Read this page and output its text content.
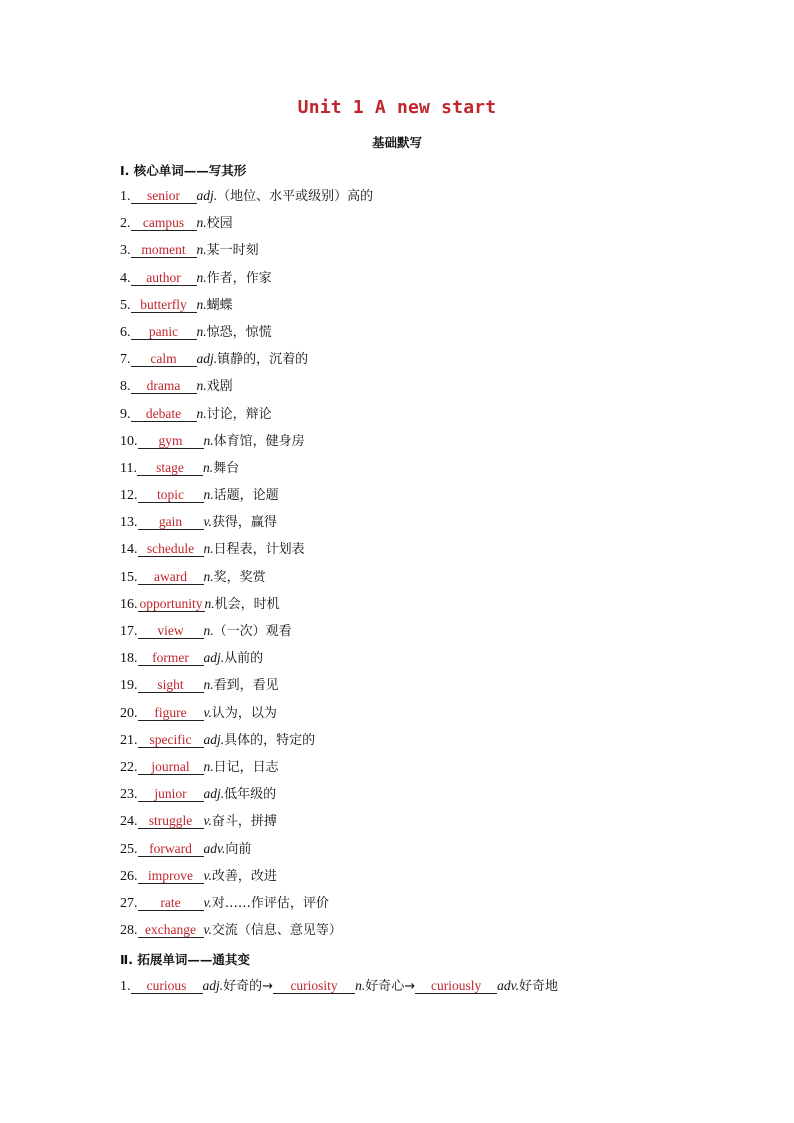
Unit 1 A new start
基础默写
Ⅰ. 核心单词——写其形
1. senior adj.（地位、水平或级别）高的
2. campus n.校园
3. moment n.某一时刻
4. author n.作者，作家
5. butterfly n.蝴蝶
6. panic n.惊恐，惊慌
7. calm adj.镇静的，沉着的
8. drama n.戏剧
9. debate n.讨论，辩论
10. gym n.体育馆，健身房
11. stage n.舞台
12. topic n.话题，论题
13. gain v.获得，赢得
14. schedule n.日程表，计划表
15. award n.奖，奖赏
16. opportunity n.机会，时机
17. view n.（一次）观看
18. former adj.从前的
19. sight n.看到，看见
20. figure v.认为，以为
21. specific adj.具体的，特定的
22. journal n.日记，日志
23. junior adj.低年级的
24. struggle v.奋斗，拼搏
25. forward adv.向前
26. improve v.改善，改进
27. rate v.对……作评估，评价
28. exchange v.交流（信息、意见等）
Ⅱ. 拓展单词——通其变
1. curious adj.好奇的→ curiosity n.好奇心→ curiously adv.好奇地
